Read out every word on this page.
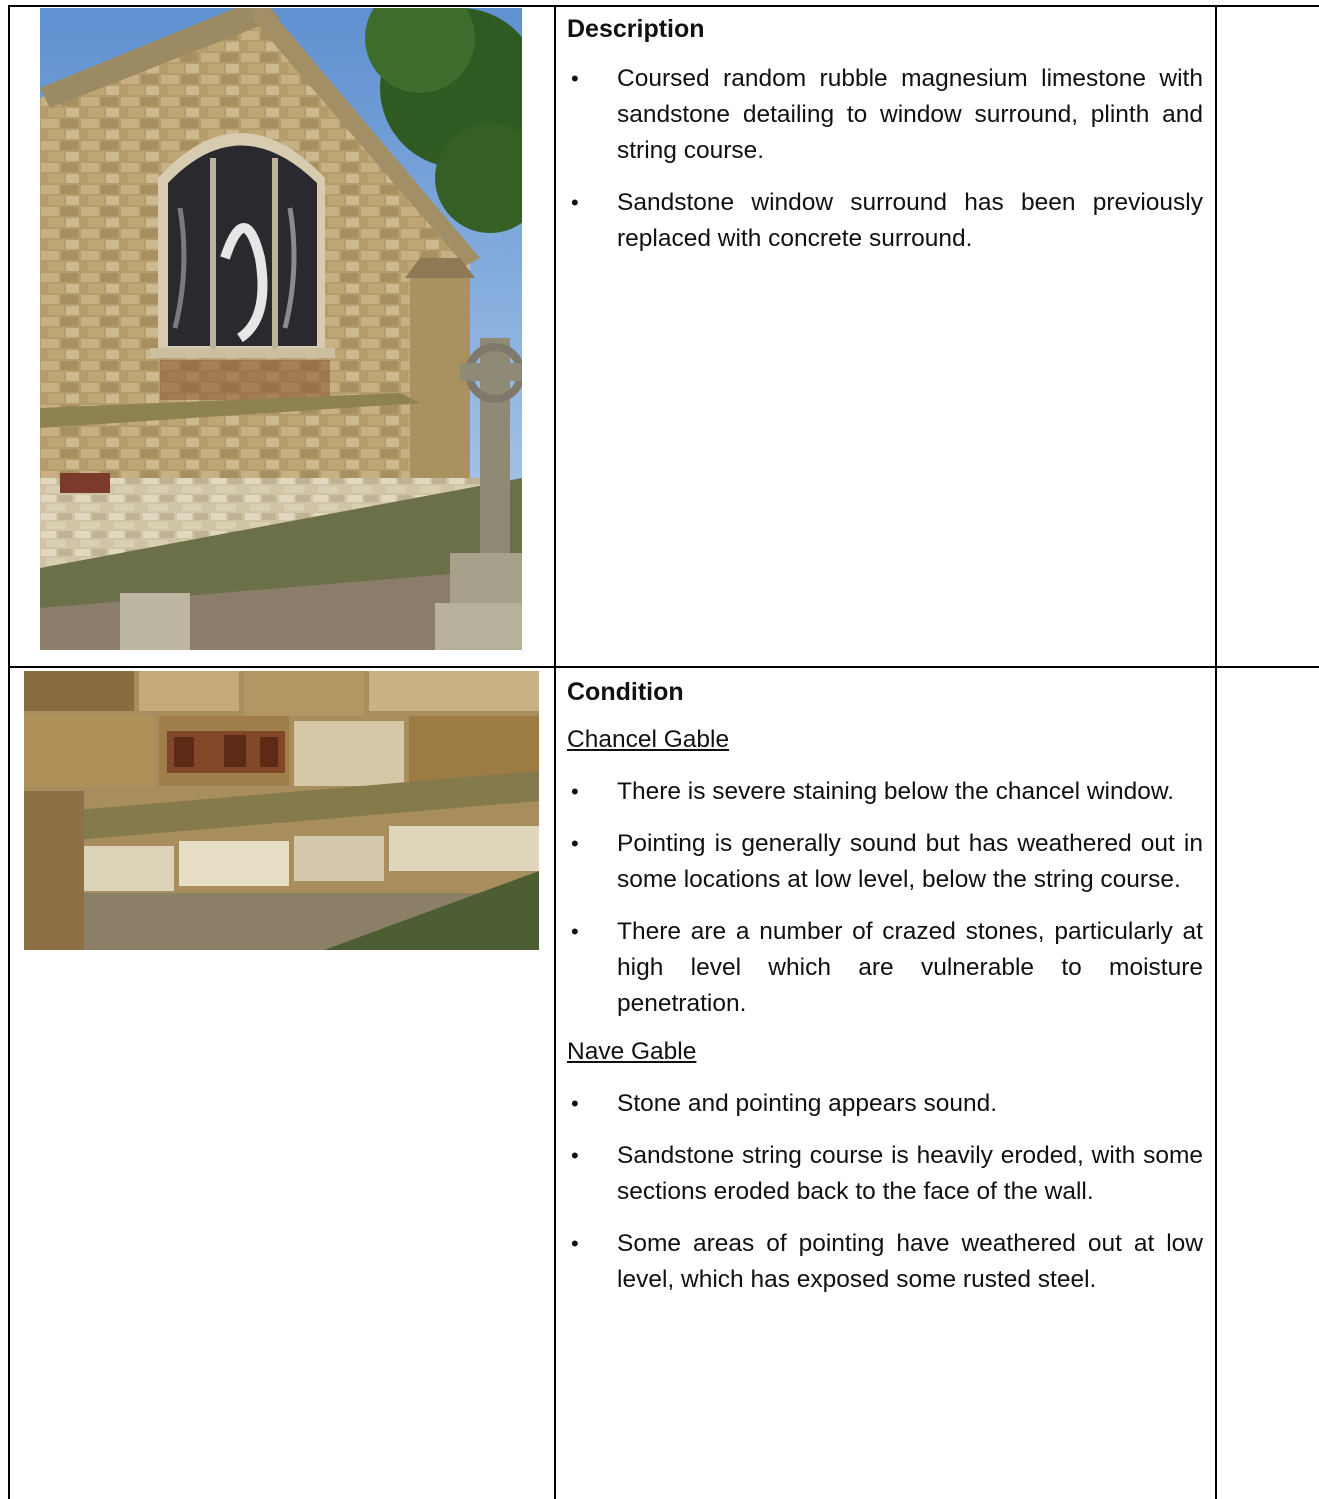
Description
• Coursed random rubble magnesium limestone with sandstone detailing to window surround, plinth and string course.
• Sandstone window surround has been previously replaced with concrete surround.
Condition
Chancel Gable
• There is severe staining below the chancel window.
• Pointing is generally sound but has weathered out in some locations at low level, below the string course.
• There are a number of crazed stones, particularly at high level which are vulnerable to moisture penetration.
Nave Gable
• Stone and pointing appears sound.
• Sandstone string course is heavily eroded, with some sections eroded back to the face of the wall.
• Some areas of pointing have weathered out at low level, which has exposed some rusted steel.
